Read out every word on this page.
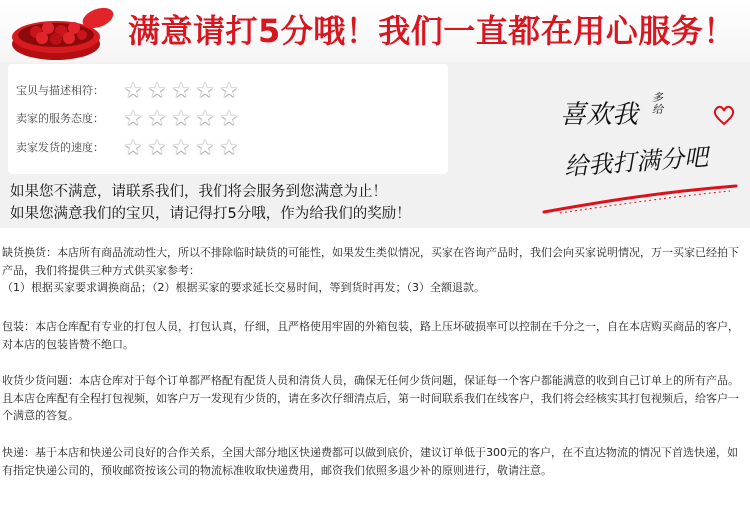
满意请打5分哦！我们一直都在用心服务！
宝贝与描述相符： ★ ★ ★ ★ ★
卖家的服务态度： ★ ★ ★ ★ ★
卖家发货的速度： ★ ★ ★ ★ ★
如果您不满意，请联系我们，我们将会服务到您满意为止！
如果您满意我们的宝贝，请记得打5分哦，作为给我们的奖励！
喜欢我
多给
给我打满分吧

缺货换货：本店所有商品流动性大，所以不排除临时缺货的可能性，如果发生类似情况，买家在咨询产品时，我们会向买家说明情况，万一买家已经拍下产品，我们将提供三种方式供买家参考：

（1）根据买家要求调换商品；（2）根据买家的要求延长交易时间，等到货时再发；（3）全额退款。

包装：本店仓库配有专业的打包人员，打包认真，仔细，且严格使用牢固的外箱包装，路上压坏破损率可以控制在千分之一，自在本店购买商品的客户，对本店的包装皆赞不绝口。

收货少货问题：本店仓库对于每个订单都严格配有配货人员和清货人员，确保无任何少货问题，保证每一个客户都能满意的收到自己订单上的所有产品。且本店仓库配有全程打包视频，如客户万一发现有少货的，请在多次仔细清点后，第一时间联系我们在线客户，我们将会经核实其打包视频后，给客户一个满意的答复。

快递：基于本店和快递公司良好的合作关系，全国大部分地区快递费都可以做到底价，建议订单低于300元的客户，在不直达物流的情况下首选快递，如有指定快递公司的，预收邮资按该公司的物流标准收取快递费用，邮资我们依照多退少补的原则进行，敬请注意。
